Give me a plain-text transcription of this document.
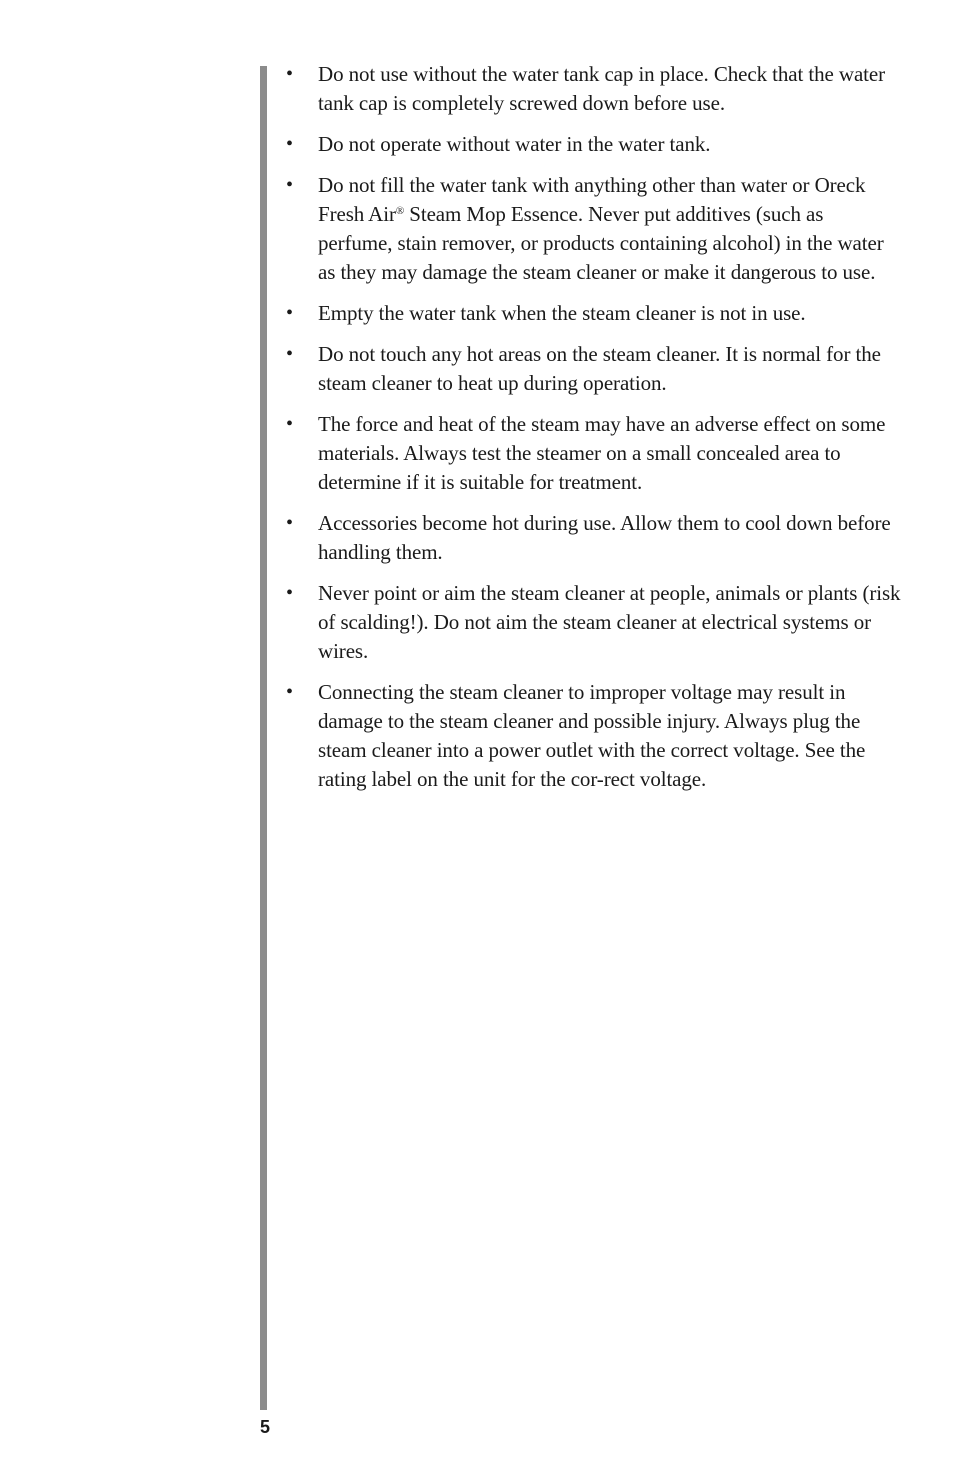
•	Do not use without the water tank cap in place. Check that the water tank cap is completely screwed down before use.
•	Do not operate without water in the water tank.
•	Do not fill the water tank with anything other than water or Oreck Fresh Air® Steam Mop Essence. Never put additives (such as perfume, stain remover, or products containing alcohol) in the water as they may damage the steam cleaner or make it dangerous to use.
•	Empty the water tank when the steam cleaner is not in use.
•	Do not touch any hot areas on the steam cleaner. It is normal for the steam cleaner to heat up during operation.
•	The force and heat of the steam may have an adverse effect on some materials. Always test the steamer on a small concealed area to determine if it is suitable for treatment.
•	Accessories become hot during use. Allow them to cool down before handling them.
•	Never point or aim the steam cleaner at people, animals or plants (risk of scalding!). Do not aim the steam cleaner at electrical systems or wires.
•	Connecting the steam cleaner to improper voltage may result in damage to the steam cleaner and possible injury. Always plug the steam cleaner into a power outlet with the correct voltage. See the rating label on the unit for the cor-rect voltage.
5
